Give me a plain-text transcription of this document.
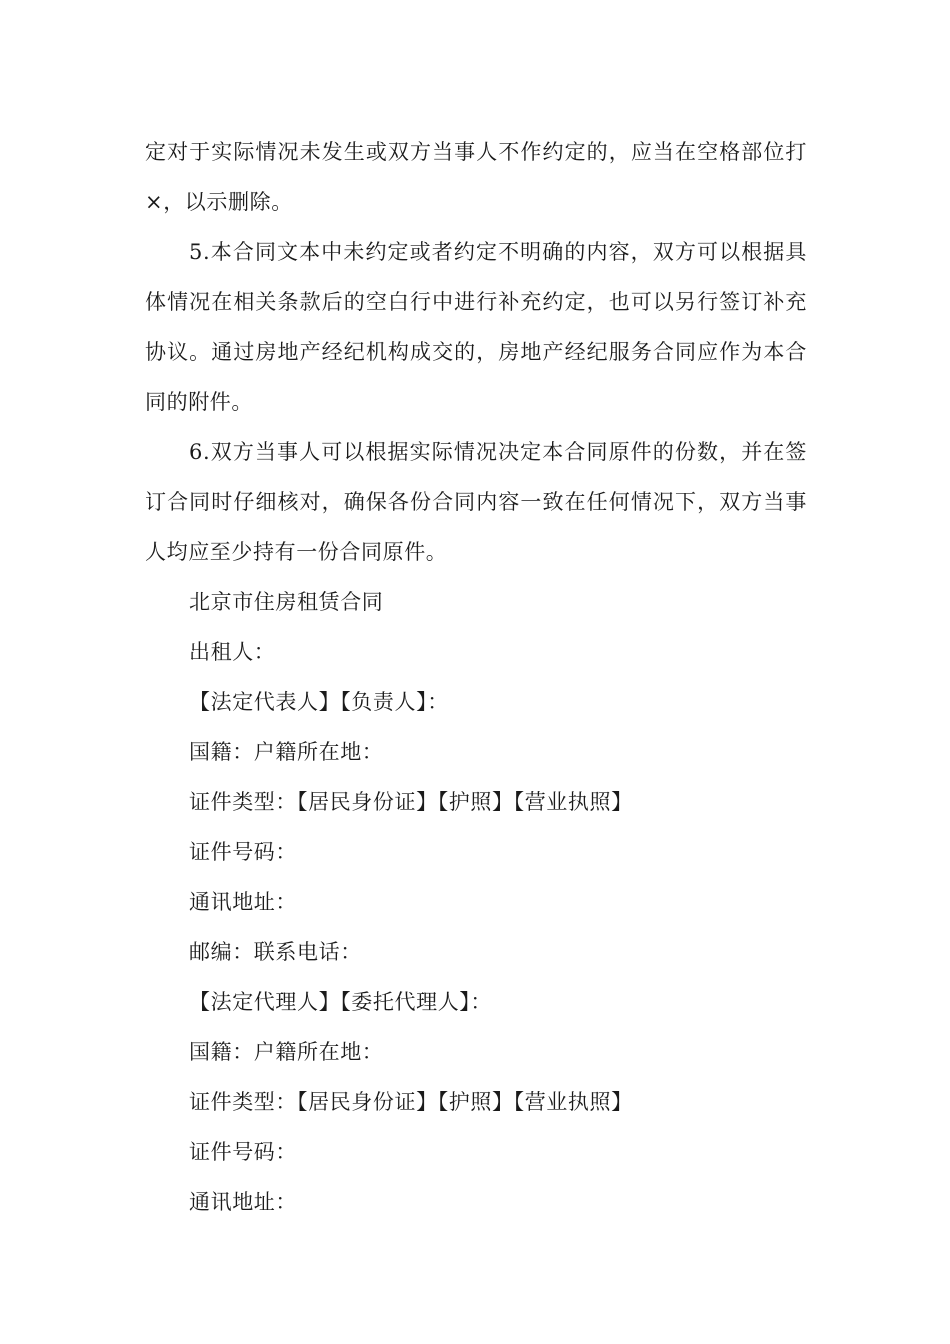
定对于实际情况未发生或双方当事人不作约定的，应当在空格部位打×，以示删除。

5.本合同文本中未约定或者约定不明确的内容，双方可以根据具体情况在相关条款后的空白行中进行补充约定，也可以另行签订补充协议。通过房地产经纪机构成交的，房地产经纪服务合同应作为本合同的附件。

6.双方当事人可以根据实际情况决定本合同原件的份数，并在签订合同时仔细核对，确保各份合同内容一致在任何情况下，双方当事人均应至少持有一份合同原件。

北京市住房租赁合同

出租人：

【法定代表人】【负责人】：

国籍：户籍所在地：

证件类型：【居民身份证】【护照】【营业执照】

证件号码：

通讯地址：

邮编：联系电话：

【法定代理人】【委托代理人】：

国籍：户籍所在地：

证件类型：【居民身份证】【护照】【营业执照】

证件号码：

通讯地址：
